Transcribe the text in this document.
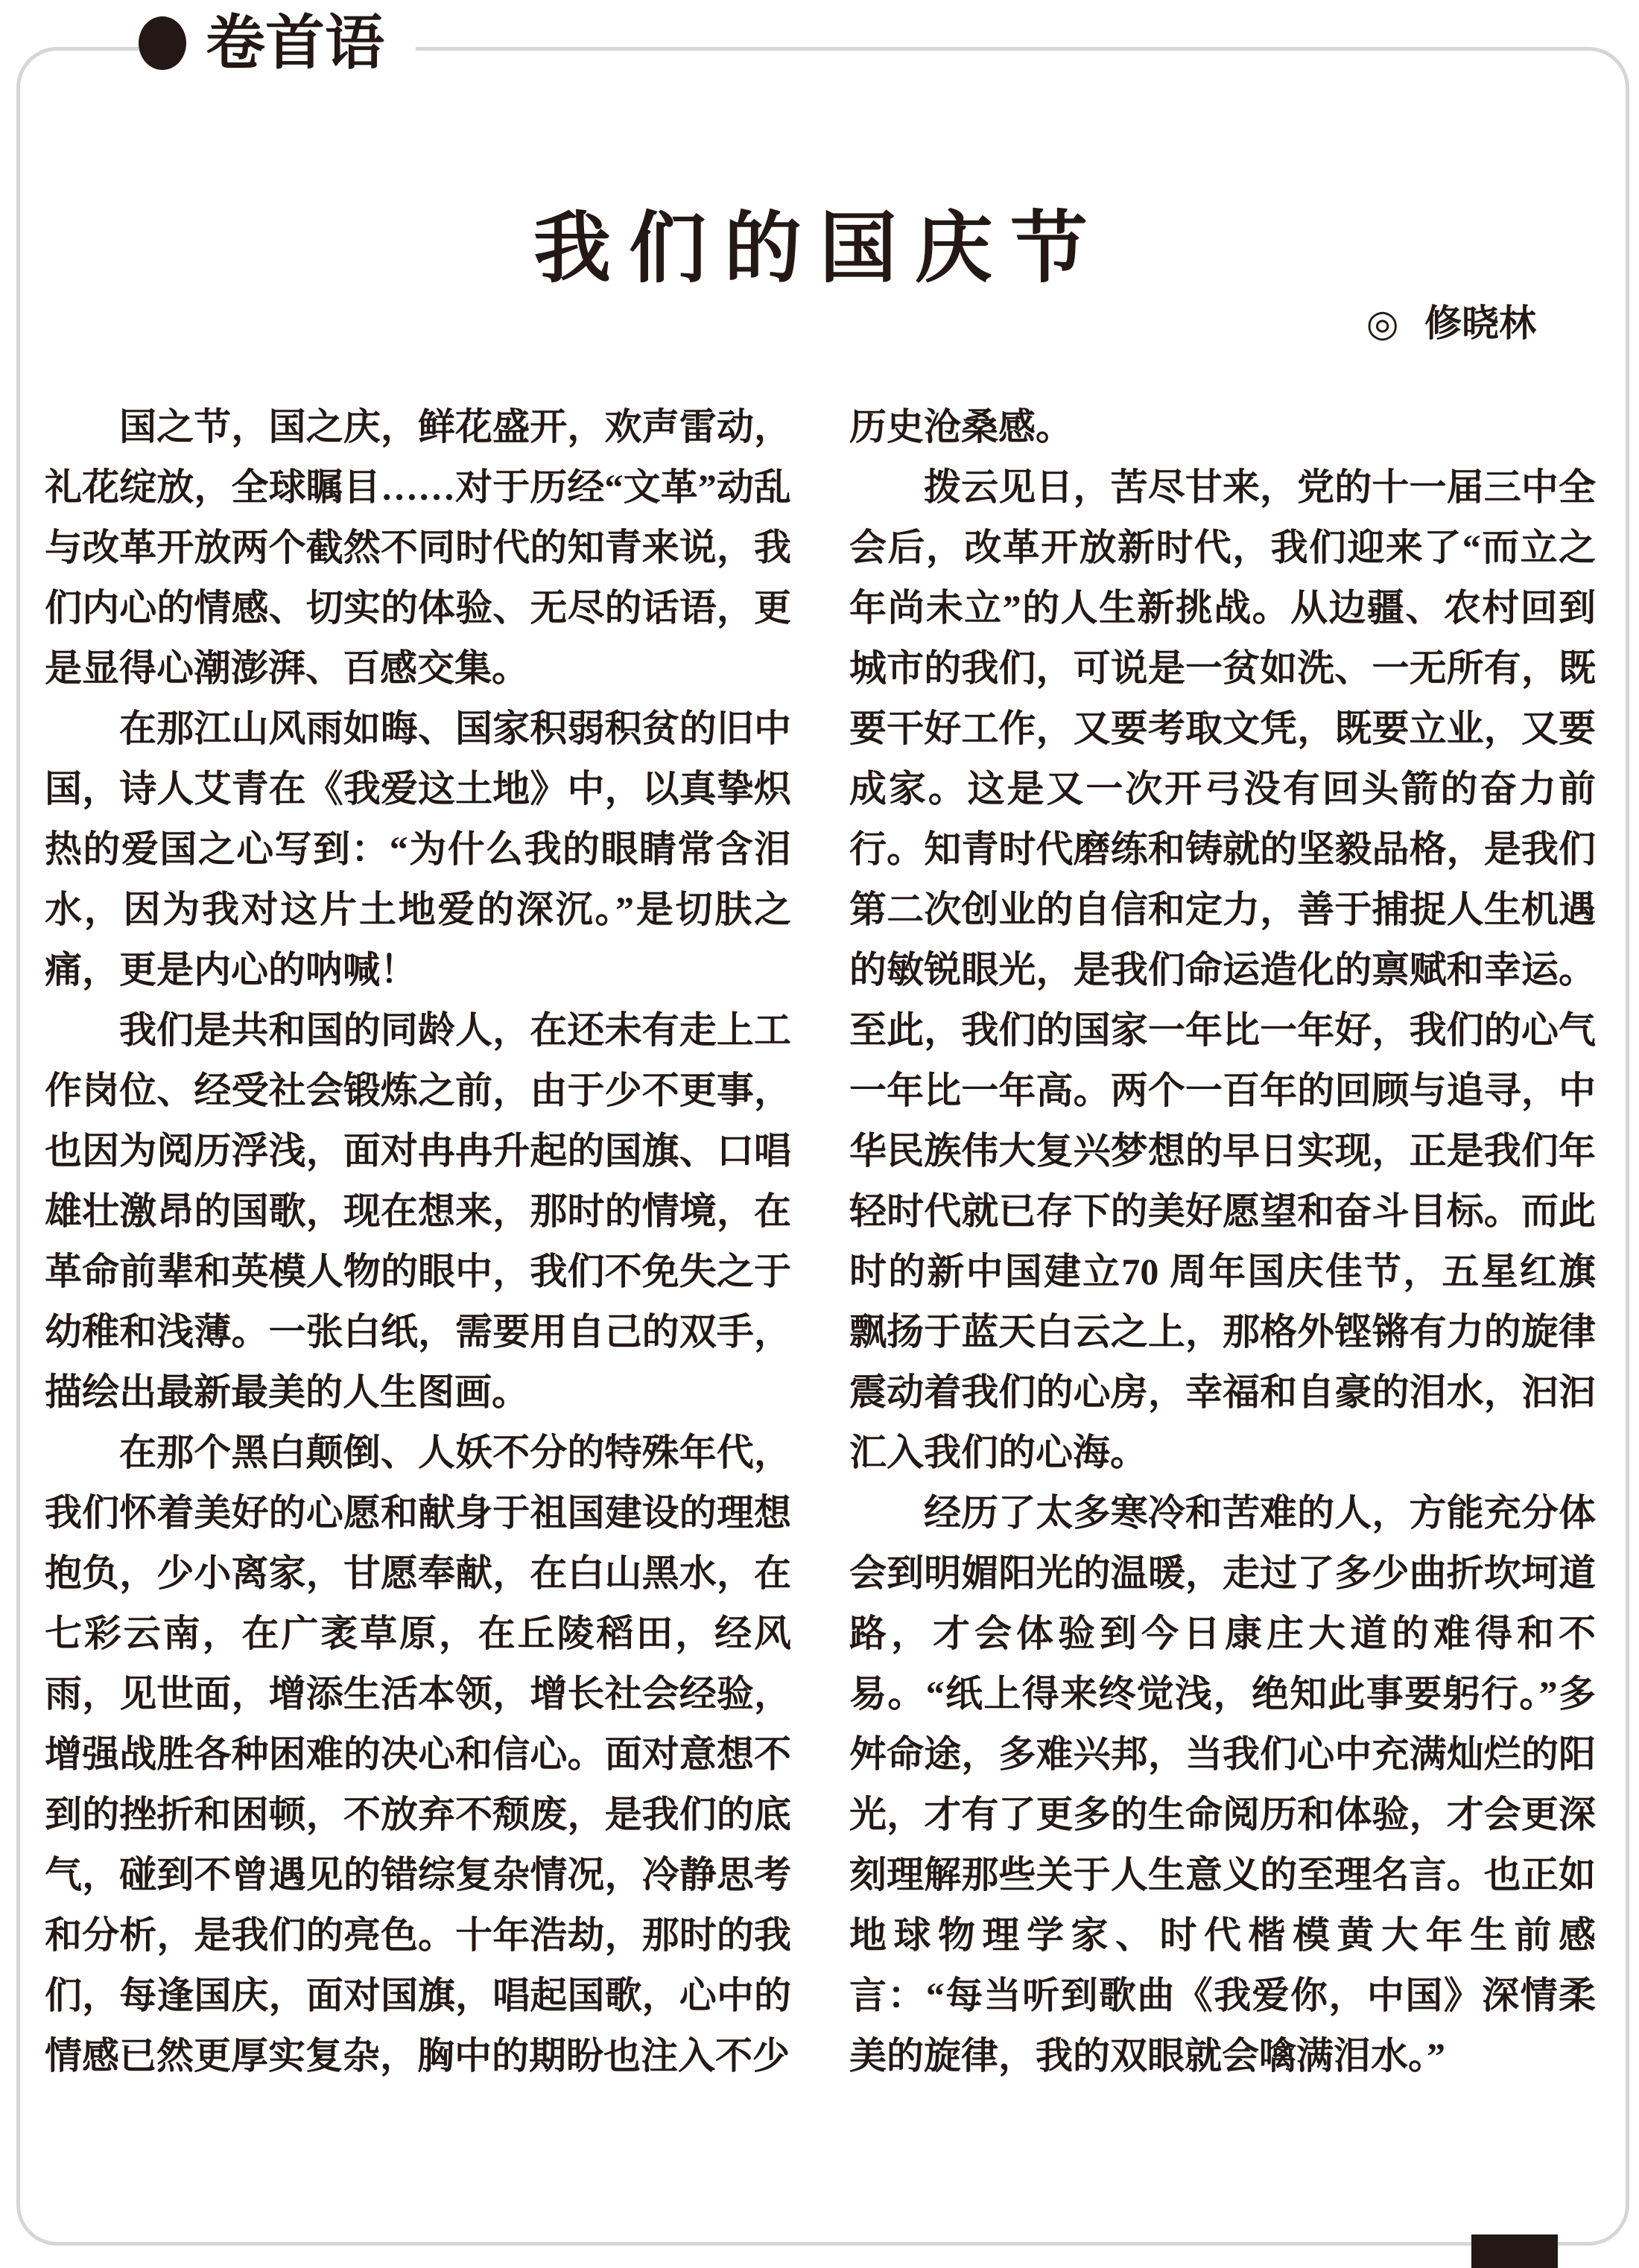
卷首语
我们的国庆节
◎ 修晓林

国之节，国之庆，鲜花盛开，欢声雷动，礼花绽放，全球瞩目……对于历经“文革”动乱与改革开放两个截然不同时代的知青来说，我们内心的情感、切实的体验、无尽的话语，更是显得心潮澎湃、百感交集。

在那江山风雨如晦、国家积弱积贫的旧中国，诗人艾青在《我爱这土地》中，以真挚炽热的爱国之心写到：“为什么我的眼睛常含泪水，因为我对这片土地爱的深沉。”是切肤之痛，更是内心的呐喊！

我们是共和国的同龄人，在还未有走上工作岗位、经受社会锻炼之前，由于少不更事，也因为阅历浮浅，面对冉冉升起的国旗、口唱雄壮激昂的国歌，现在想来，那时的情境，在革命前辈和英模人物的眼中，我们不免失之于幼稚和浅薄。一张白纸，需要用自己的双手，描绘出最新最美的人生图画。

在那个黑白颠倒、人妖不分的特殊年代，我们怀着美好的心愿和献身于祖国建设的理想抱负，少小离家，甘愿奉献，在白山黑水，在七彩云南，在广袤草原，在丘陵稻田，经风雨，见世面，增添生活本领，增长社会经验，增强战胜各种困难的决心和信心。面对意想不到的挫折和困顿，不放弃不颓废，是我们的底气，碰到不曾遇见的错综复杂情况，冷静思考和分析，是我们的亮色。十年浩劫，那时的我们，每逢国庆，面对国旗，唱起国歌，心中的情感已然更厚实复杂，胸中的期盼也注入不少

历史沧桑感。

拨云见日，苦尽甘来，党的十一届三中全会后，改革开放新时代，我们迎来了“而立之年尚未立”的人生新挑战。从边疆、农村回到城市的我们，可说是一贫如洗、一无所有，既要干好工作，又要考取文凭，既要立业，又要成家。这是又一次开弓没有回头箭的奋力前行。知青时代磨练和铸就的坚毅品格，是我们第二次创业的自信和定力，善于捕捉人生机遇的敏锐眼光，是我们命运造化的禀赋和幸运。至此，我们的国家一年比一年好，我们的心气一年比一年高。两个一百年的回顾与追寻，中华民族伟大复兴梦想的早日实现，正是我们年轻时代就已存下的美好愿望和奋斗目标。而此时的新中国建立70 周年国庆佳节，五星红旗飘扬于蓝天白云之上，那格外铿锵有力的旋律震动着我们的心房，幸福和自豪的泪水，汩汩汇入我们的心海。

经历了太多寒冷和苦难的人，方能充分体会到明媚阳光的温暖，走过了多少曲折坎坷道路，才会体验到今日康庄大道的难得和不易。“纸上得来终觉浅，绝知此事要躬行。”多舛命途，多难兴邦，当我们心中充满灿烂的阳光，才有了更多的生命阅历和体验，才会更深刻理解那些关于人生意义的至理名言。也正如地球物理学家、时代楷模黄大年生前感言：“每当听到歌曲《我爱你，中国》深情柔美的旋律，我的双眼就会噙满泪水。”
